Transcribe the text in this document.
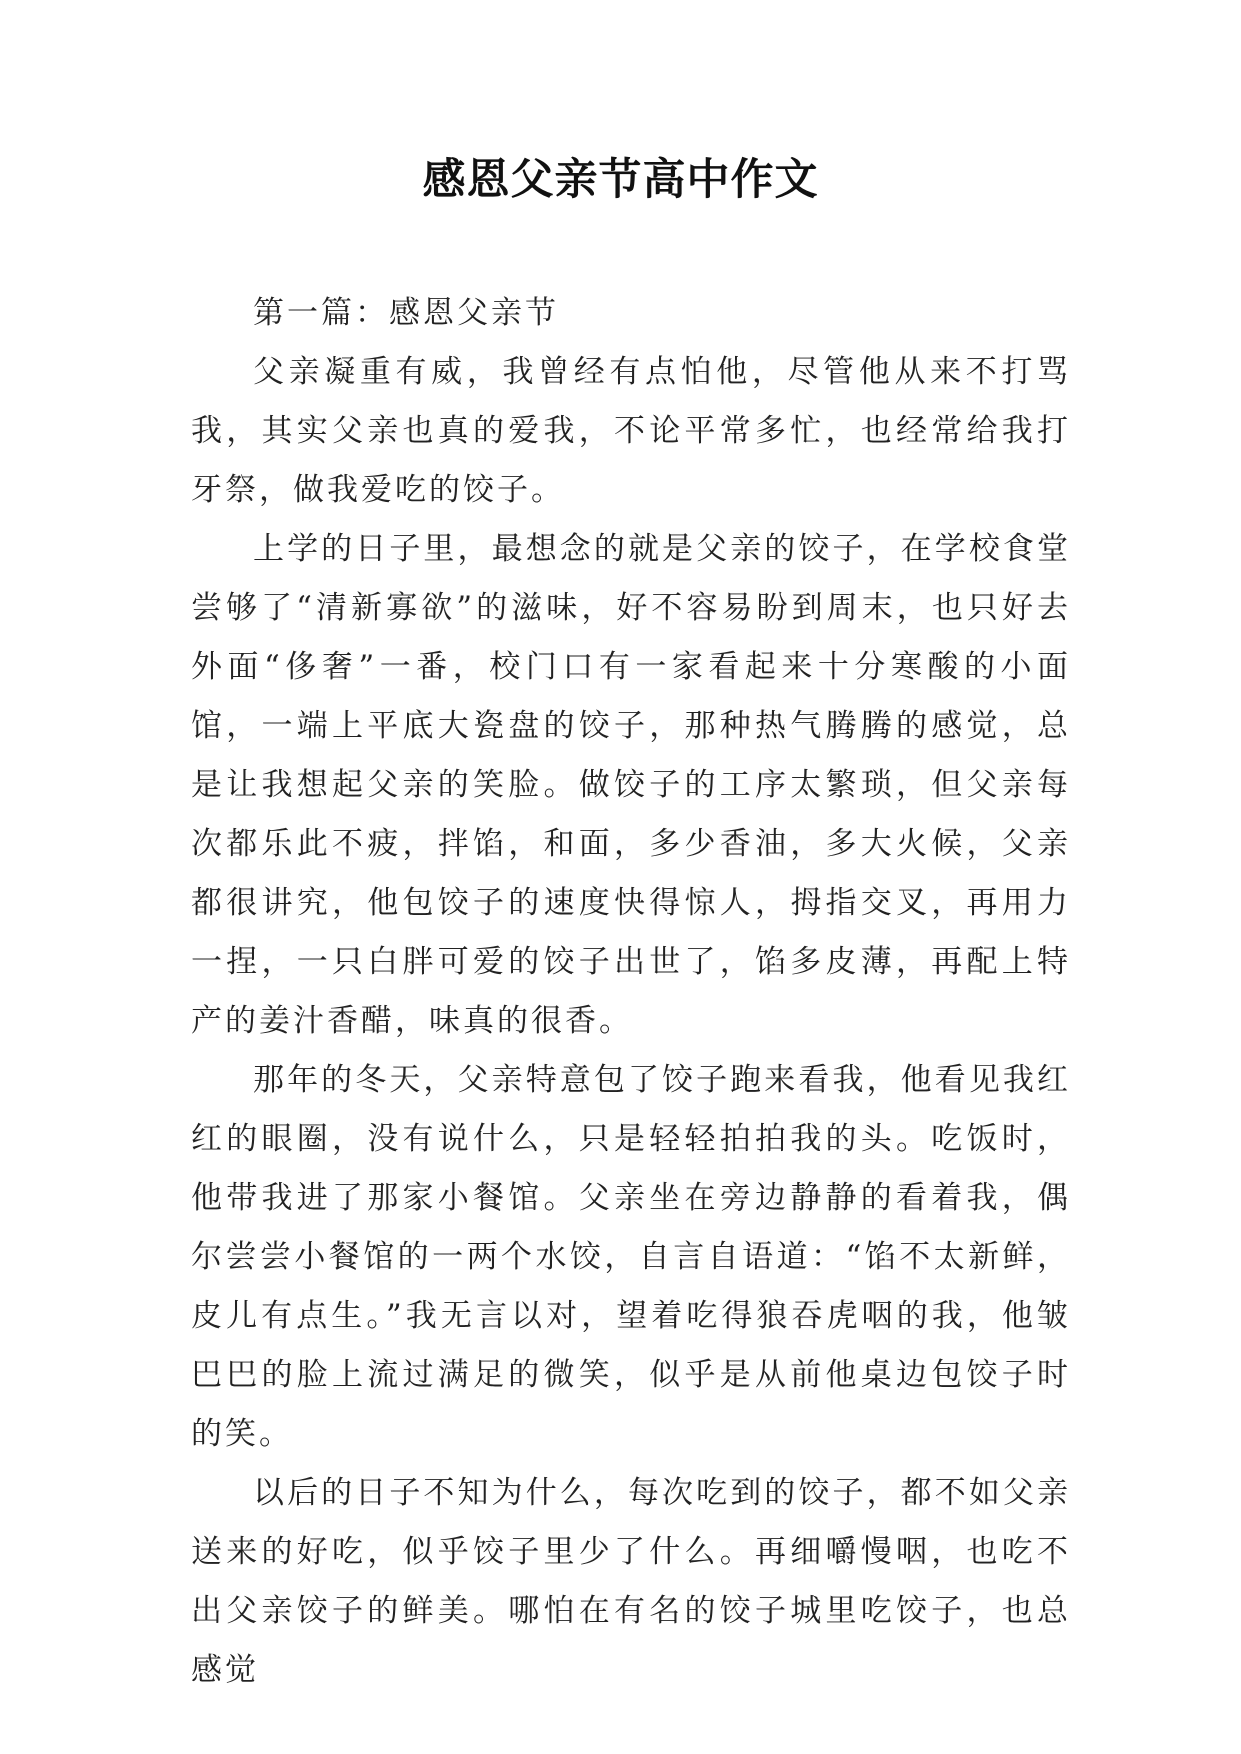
感恩父亲节高中作文

第一篇：感恩父亲节

父亲凝重有威，我曾经有点怕他，尽管他从来不打骂我，其实父亲也真的爱我，不论平常多忙，也经常给我打牙祭，做我爱吃的饺子。

上学的日子里，最想念的就是父亲的饺子，在学校食堂尝够了“清新寡欲”的滋味，好不容易盼到周末，也只好去外面“侈奢”一番，校门口有一家看起来十分寒酸的小面馆，一端上平底大瓷盘的饺子，那种热气腾腾的感觉，总是让我想起父亲的笑脸。做饺子的工序太繁琐，但父亲每次都乐此不疲，拌馅，和面，多少香油，多大火候，父亲都很讲究，他包饺子的速度快得惊人，拇指交叉，再用力一捏，一只白胖可爱的饺子出世了，馅多皮薄，再配上特产的姜汁香醋，味真的很香。

那年的冬天，父亲特意包了饺子跑来看我，他看见我红红的眼圈，没有说什么，只是轻轻拍拍我的头。吃饭时，他带我进了那家小餐馆。父亲坐在旁边静静的看着我，偶尔尝尝小餐馆的一两个水饺，自言自语道：“馅不太新鲜，皮儿有点生。”我无言以对，望着吃得狼吞虎咽的我，他皱巴巴的脸上流过满足的微笑，似乎是从前他桌边包饺子时的笑。

以后的日子不知为什么，每次吃到的饺子，都不如父亲送来的好吃，似乎饺子里少了什么。再细嚼慢咽，也吃不出父亲饺子的鲜美。哪怕在有名的饺子城里吃饺子，也总感觉
